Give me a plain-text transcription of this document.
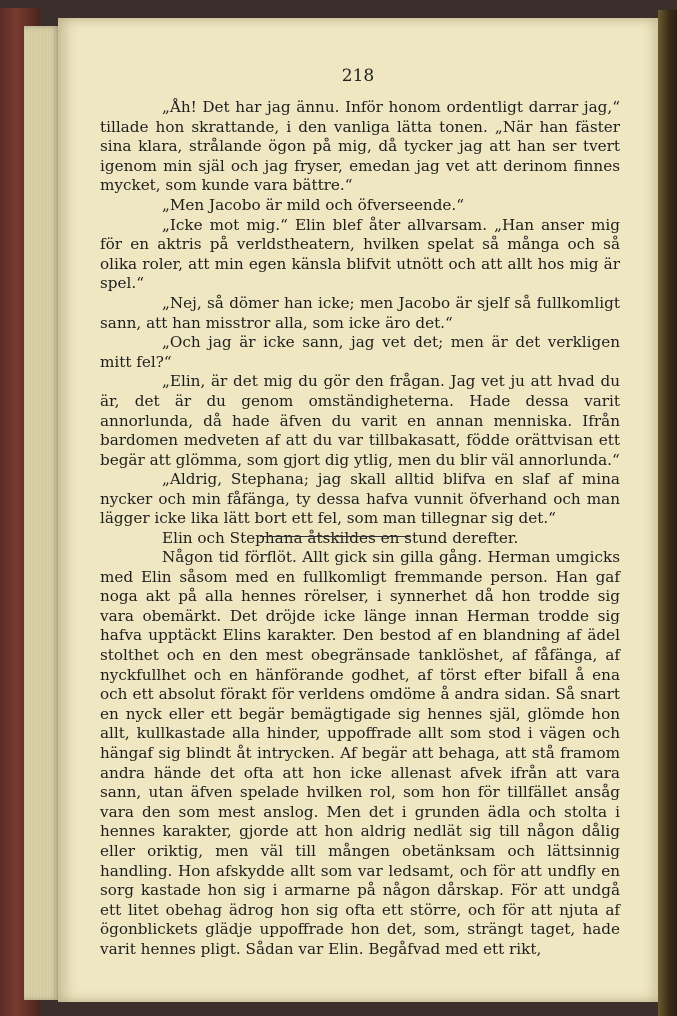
218

„Åh! Det har jag ännu. Inför honom ordentligt darrar jag,“ tillade hon skrattande, i den vanliga lätta tonen. „När han fäster sina klara, strålande ögon på mig, då tycker jag att han ser tvert igenom min själ och jag fryser, emedan jag vet att derinom finnes mycket, som kunde vara bättre.“

„Men Jacobo är mild och öfverseende.“

„Icke mot mig.“ Elin blef åter allvarsam. „Han anser mig för en aktris på verldstheatern, hvilken spelat så många och så olika roler, att min egen känsla blifvit utnött och att allt hos mig är spel.“

„Nej, så dömer han icke; men Jacobo är sjelf så fullkomligt sann, att han misstror alla, som icke äro det.“

„Och jag är icke sann, jag vet det; men är det verkligen mitt fel?“

„Elin, är det mig du gör den frågan. Jag vet ju att hvad du är, det är du genom omständigheterna. Hade dessa varit annorlunda, då hade äfven du varit en annan menniska. Ifrån bardomen medveten af att du var tillbakasatt, födde orättvisan ett begär att glömma, som gjort dig ytlig, men du blir väl annorlunda.“

„Aldrig, Stephana; jag skall alltid blifva en slaf af mina nycker och min fåfänga, ty dessa hafva vunnit öfverhand och man lägger icke lika lätt bort ett fel, som man tillegnar sig det.“

Elin och Stephana åtskildes en stund derefter.

Någon tid förflöt. Allt gick sin gilla gång. Herman umgicks med Elin såsom med en fullkomligt fremmande person. Han gaf noga akt på alla hennes rörelser, i synnerhet då hon trodde sig vara obemärkt. Det dröjde icke länge innan Herman trodde sig hafva upptäckt Elins karakter. Den bestod af en blandning af ädel stolthet och en den mest obegränsade tanklöshet, af fåfänga, af nyckfullhet och en hänförande godhet, af törst efter bifall å ena och ett absolut förakt för verldens omdöme å andra sidan. Så snart en nyck eller ett begär bemägtigade sig hennes själ, glömde hon allt, kullkastade alla hinder, uppoffrade allt som stod i vägen och hängaf sig blindt åt intrycken. Af begär att behaga, att stå framom andra hände det ofta att hon icke allenast afvek ifrån att vara sann, utan äfven spelade hvilken rol, som hon för tillfället ansåg vara den som mest anslog. Men det i grunden ädla och stolta i hennes karakter, gjorde att hon aldrig nedlät sig till någon dålig eller oriktig, men väl till mången obetänksam och lättsinnig handling. Hon afskydde allt som var ledsamt, och för att undfly en sorg kastade hon sig i armarne på någon dårskap. För att undgå ett litet obehag ädrog hon sig ofta ett större, och för att njuta af ögonblickets glädje uppoffrade hon det, som, strängt taget, hade varit hennes pligt. Sådan var Elin. Begåfvad med ett rikt,
